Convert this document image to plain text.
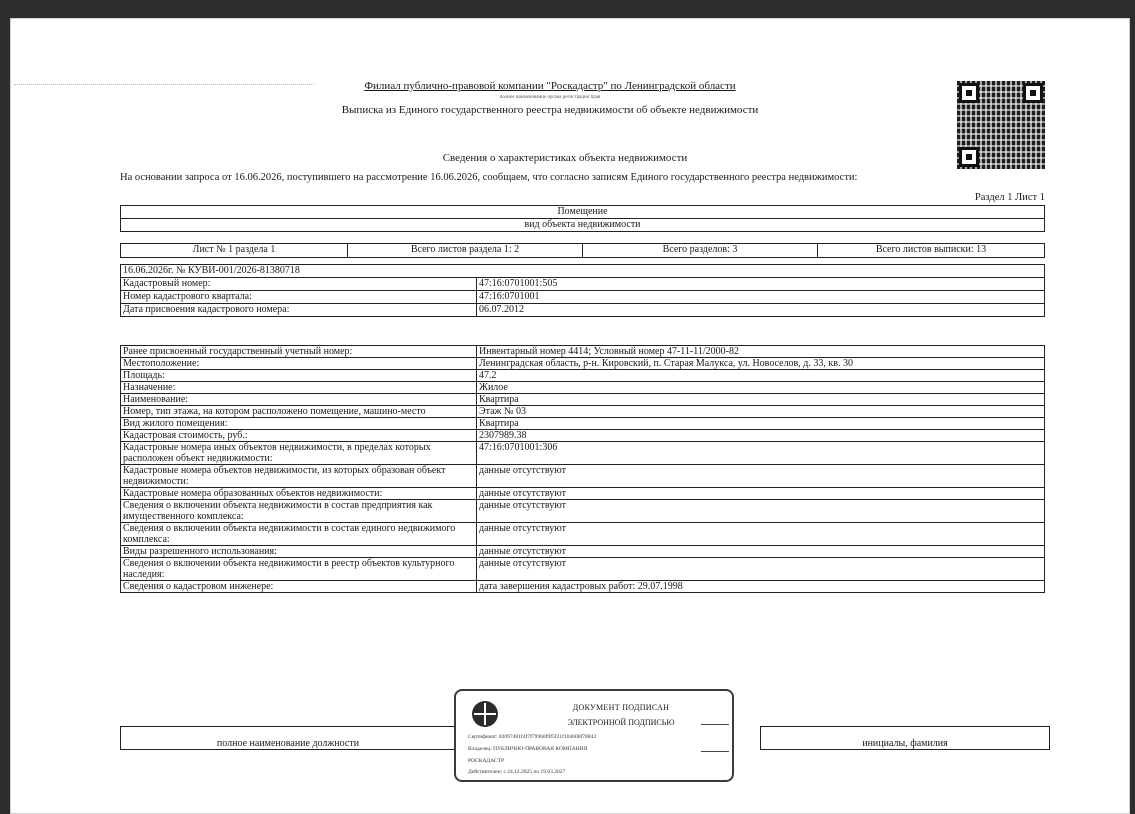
Филиал публично-правовой компании "Роскадастр" по Ленинградской области
полное наименование органа регистрации прав
Выписка из Единого государственного реестра недвижимости об объекте недвижимости
Сведения о характеристиках объекта недвижимости
На основании запроса от 16.06.2026, поступившего на рассмотрение 16.06.2026, сообщаем, что согласно записям Единого государственного реестра недвижимости:
Раздел 1 Лист 1
Помещение
вид объекта недвижимости
Лист № 1 раздела 1	Всего листов раздела 1: 2	Всего разделов: 3	Всего листов выписки: 13
16.06.2026г. № КУВИ-001/2026-81380718	
Кадастровый номер:	47:16:0701001:505
Номер кадастрового квартала:	47:16:0701001
Дата присвоения кадастрового номера:	06.07.2012
Ранее присвоенный государственный учетный номер:	Инвентарный номер 4414; Условный номер 47-11-11/2000-82
Местоположение:	Ленинградская область, р-н. Кировский, п. Старая Малукса, ул. Новоселов, д. 33, кв. 30
Площадь:	47.2
Назначение:	Жилое
Наименование:	Квартира
Номер, тип этажа, на котором расположено помещение, машино-место	Этаж № 03
Вид жилого помещения:	Квартира
Кадастровая стоимость, руб.:	2307989.38
Кадастровые номера иных объектов недвижимости, в пределах которых расположен объект недвижимости:	47:16:0701001:306
Кадастровые номера объектов недвижимости, из которых образован объект недвижимости:	данные отсутствуют
Кадастровые номера образованных объектов недвижимости:	данные отсутствуют
Сведения о включении объекта недвижимости в состав предприятия как имущественного комплекса:	данные отсутствуют
Сведения о включении объекта недвижимости в состав единого недвижимого комплекса:	данные отсутствуют
Виды разрешенного использования:	данные отсутствуют
Сведения о включении объекта недвижимости в реестр объектов культурного наследия:	данные отсутствуют
Сведения о кадастровом инженере:	дата завершения кадастровых работ: 29.07.1998
полное наименование должности		инициалы, фамилия
ДОКУМЕНТ ПОДПИСАН
ЭЛЕКТРОННОЙ ПОДПИСЬЮ
Сертификат: 82097481f4f7f79960f9f5f21f104600f78843
Владелец: ПУБЛИЧНО-ПРАВОВАЯ КОМПАНИЯ
РОСКАДАСТР
Действителен: с 24.12.2025 по 19.03.2027
